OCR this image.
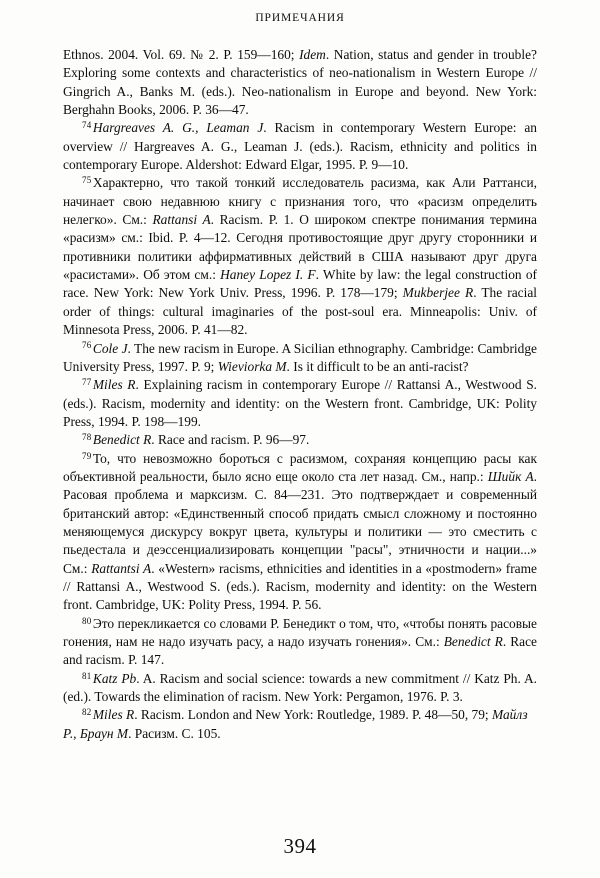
ПРИМЕЧАНИЯ

Ethnos. 2004. Vol. 69. № 2. P. 159—160; Idem. Nation, status and gender in trouble? Exploring some contexts and characteristics of neo-nationalism in Western Europe // Gingrich A., Banks M. (eds.). Neo-nationalism in Europe and beyond. New York: Berghahn Books, 2006. P. 36—47.

$^{74}$ Hargreaves A. G., Leaman J. Racism in contemporary Western Europe: an overview // Hargreaves A. G., Leaman J. (eds.). Racism, ethnicity and politics in contemporary Europe. Aldershot: Edward Elgar, 1995. P. 9—10.

$^{75}$ Характерно, что такой тонкий исследователь расизма, как Али Раттанси, начинает свою недавнюю книгу с признания того, что «расизм определить нелегко». См.: Rattansi A. Racism. P. 1. О широком спектре понимания термина «расизм» см.: Ibid. P. 4—12. Сегодня противостоящие друг другу сторонники и противники политики аффирмативных действий в США называют друг друга «расистами». Об этом см.: Haney Lopez I. F. White by law: the legal construction of race. New York: New York Univ. Press, 1996. P. 178—179; Mukberjee R. The racial order of things: cultural imaginaries of the post-soul era. Minneapolis: Univ. of Minnesota Press, 2006. P. 41—82.

$^{76}$ Cole J. The new racism in Europe. A Sicilian ethnography. Cambridge: Cambridge University Press, 1997. P. 9; Wieviorka M. Is it difficult to be an anti-racist?

$^{77}$ Miles R. Explaining racism in contemporary Europe // Rattansi A., Westwood S. (eds.). Racism, modernity and identity: on the Western front. Cambridge, UK: Polity Press, 1994. P. 198—199.

$^{78}$ Benedict R. Race and racism. P. 96—97.

$^{79}$ То, что невозможно бороться с расизмом, сохраняя концепцию расы как объективной реальности, было ясно еще около ста лет назад. См., напр.: Шийк А. Расовая проблема и марксизм. С. 84—231. Это подтверждает и современный британский автор: «Единственный способ придать смысл сложному и постоянно меняющемуся дискурсу вокруг цвета, культуры и политики — это сместить с пьедестала и деэссенциализировать концепции "расы", этничности и нации...» См.: Rattantsi A. «Western» racisms, ethnicities and identities in a «postmodern» frame // Rattansi A., Westwood S. (eds.). Racism, modernity and identity: on the Western front. Cambridge, UK: Polity Press, 1994. P. 56.

$^{80}$ Это перекликается со словами Р. Бенедикт о том, что, «чтобы понять расовые гонения, нам не надо изучать расу, а надо изучать гонения». См.: Benedict R. Race and racism. P. 147.

$^{81}$ Katz Pb. A. Racism and social science: towards a new commitment // Katz Ph. A. (ed.). Towards the elimination of racism. New York: Pergamon, 1976. P. 3.

$^{82}$ Miles R. Racism. London and New York: Routledge, 1989. P. 48—50, 79; Майлз Р., Браун М. Расизм. С. 105.

394
